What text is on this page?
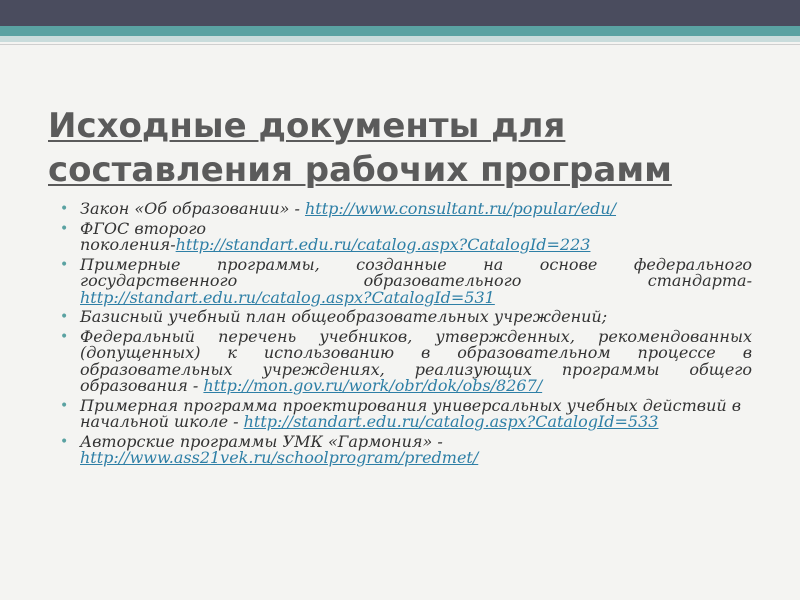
Исходные документы для
составления рабочих программ
• Закон «Об образовании» - http://www.consultant.ru/popular/edu/
• ФГОС второго
поколения-http://standart.edu.ru/catalog.aspx?CatalogId=223
• Примерные программы, созданные на основе федерального государственного образовательного стандарта- http://standart.edu.ru/catalog.aspx?CatalogId=531
• Базисный учебный план общеобразовательных учреждений;
• Федеральный перечень учебников, утвержденных, рекомендованных (допущенных) к использованию в образовательном процессе в образовательных учреждениях, реализующих программы общего образования - http://mon.gov.ru/work/obr/dok/obs/8267/
• Примерная программа проектирования универсальных учебных действий в начальной школе - http://standart.edu.ru/catalog.aspx?CatalogId=533
• Авторские программы УМК «Гармония» - http://www.ass21vek.ru/schoolprogram/predmet/
